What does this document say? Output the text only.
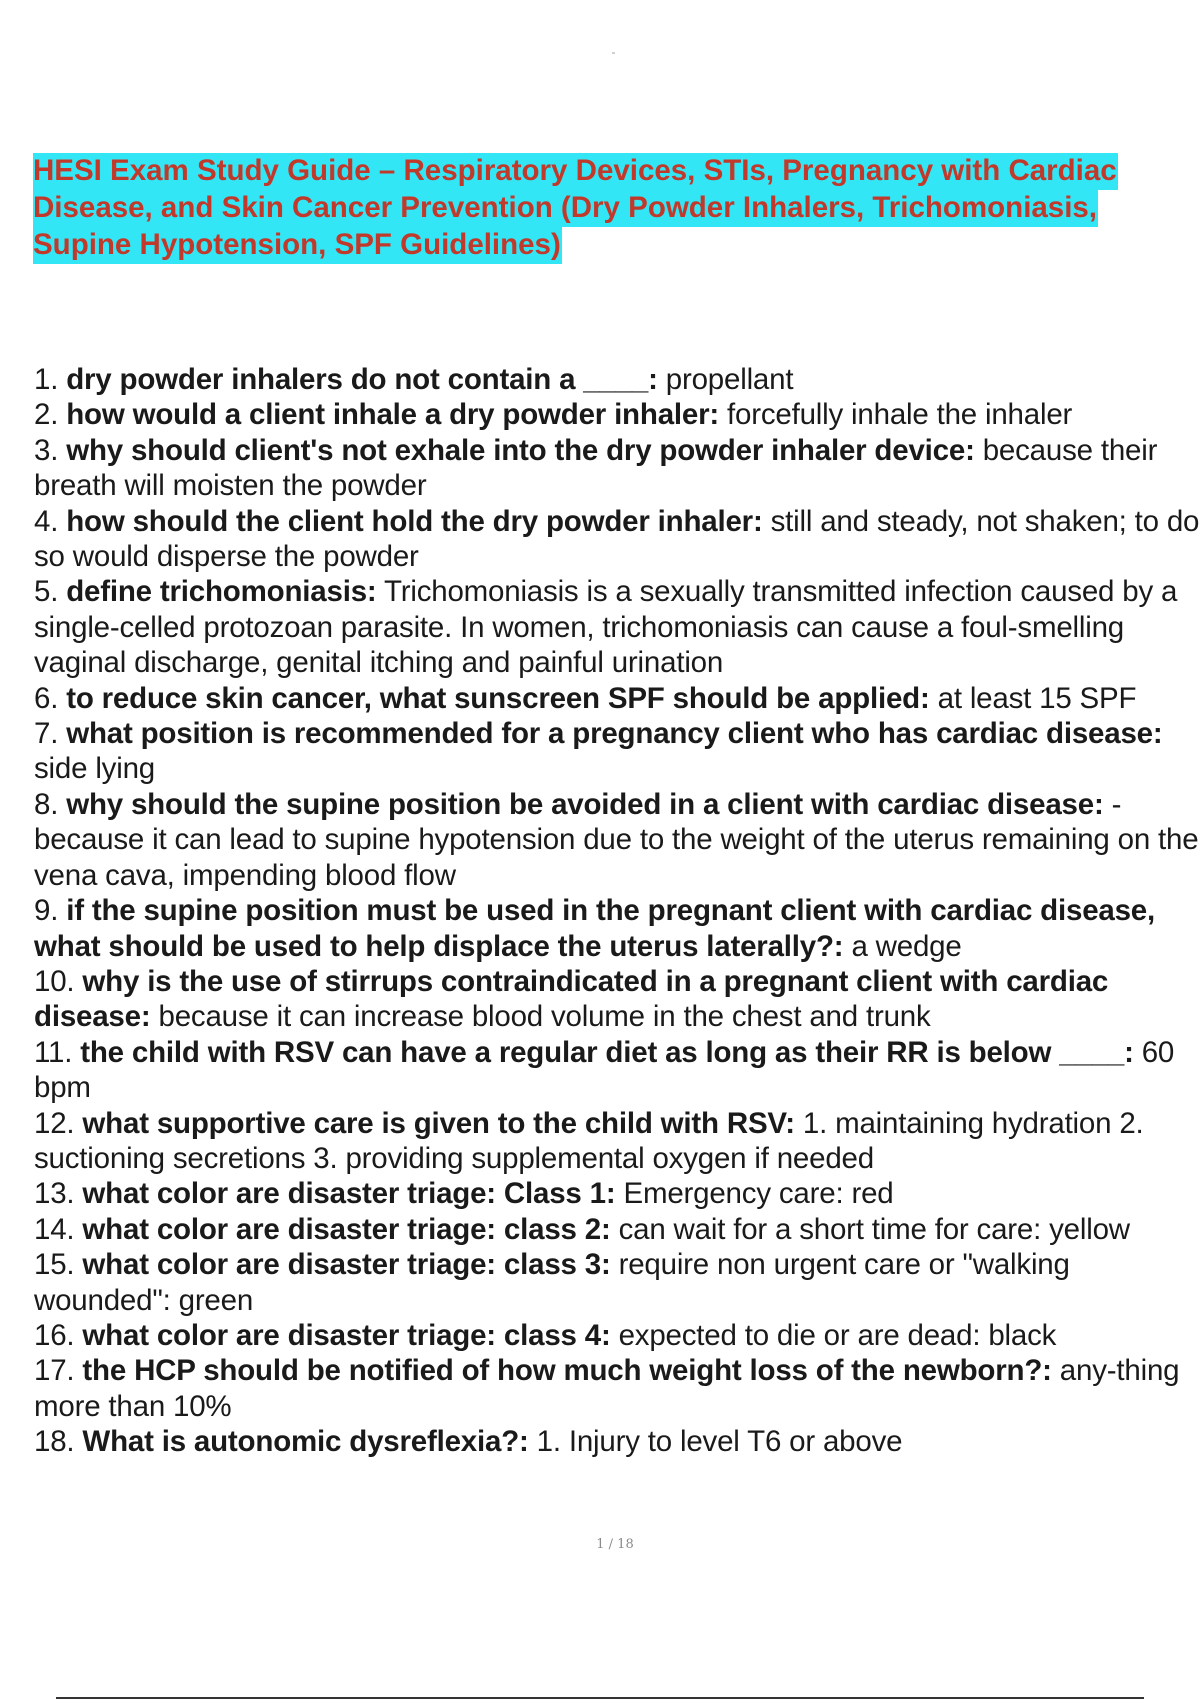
HESI Exam Study Guide – Respiratory Devices, STIs, Pregnancy with Cardiac
Disease, and Skin Cancer Prevention (Dry Powder Inhalers, Trichomoniasis,
Supine Hypotension, SPF Guidelines)

1. dry powder inhalers do not contain a ____: propellant

2. how would a client inhale a dry powder inhaler: forcefully inhale the inhaler

3. why should client's not exhale into the dry powder inhaler device: because their breath will moisten the powder

4. how should the client hold the dry powder inhaler: still and steady, not shaken; to do so would disperse the powder

5. define trichomoniasis: Trichomoniasis is a sexually transmitted infection caused by a single-celled protozoan parasite. In women, trichomoniasis can cause a foul-smelling vaginal discharge, genital itching and painful urination

6. to reduce skin cancer, what sunscreen SPF should be applied: at least 15 SPF

7. what position is recommended for a pregnancy client who has cardiac disease: side lying

8. why should the supine position be avoided in a client with cardiac disease: - because it can lead to supine hypotension due to the weight of the uterus remaining on the vena cava, impending blood flow

9. if the supine position must be used in the pregnant client with cardiac disease, what should be used to help displace the uterus laterally?: a wedge

10. why is the use of stirrups contraindicated in a pregnant client with cardiac disease: because it can increase blood volume in the chest and trunk

11. the child with RSV can have a regular diet as long as their RR is below ____: 60 bpm

12. what supportive care is given to the child with RSV: 1. maintaining hydration 2. suctioning secretions 3. providing supplemental oxygen if needed

13. what color are disaster triage: Class 1: Emergency care: red

14. what color are disaster triage: class 2: can wait for a short time for care: yellow

15. what color are disaster triage: class 3: require non urgent care or "walking wounded": green

16. what color are disaster triage: class 4: expected to die or are dead: black

17. the HCP should be notified of how much weight loss of the newborn?: any-thing more than 10%

18. What is autonomic dysreflexia?: 1. Injury to level T6 or above

1 / 18
